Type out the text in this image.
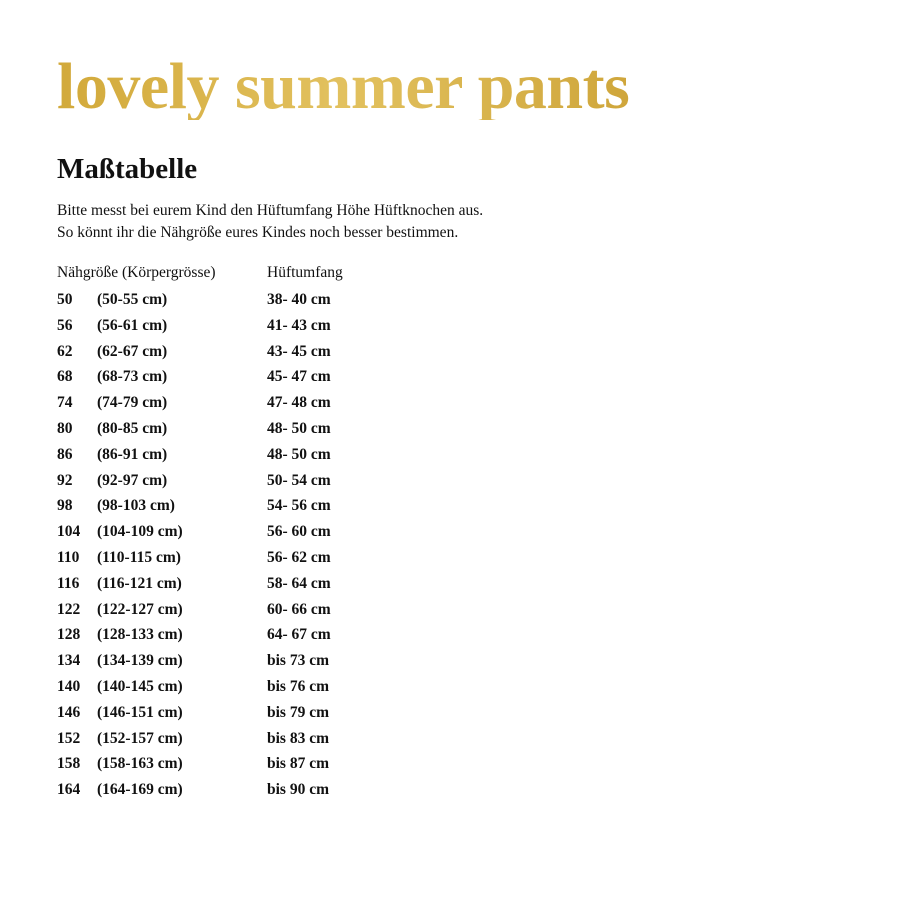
lovely summer pants
Maßtabelle
Bitte messt bei eurem Kind den Hüftumfang Höhe Hüftknochen aus.
So könnt ihr die Nähgröße eures Kindes noch besser bestimmen.
Nähgröße (Körpergrösse)	Hüftumfang
50 (50-55 cm)	38- 40 cm
56 (56-61 cm)	41- 43 cm
62 (62-67 cm)	43- 45 cm
68 (68-73 cm)	45- 47 cm
74 (74-79 cm)	47- 48 cm
80 (80-85 cm)	48- 50 cm
86 (86-91 cm)	48- 50 cm
92 (92-97 cm)	50- 54 cm
98 (98-103 cm)	54- 56 cm
104 (104-109 cm)	56- 60 cm
110 (110-115 cm)	56- 62 cm
116 (116-121 cm)	58- 64 cm
122 (122-127 cm)	60- 66 cm
128 (128-133 cm)	64- 67 cm
134 (134-139 cm)	bis 73 cm
140 (140-145 cm)	bis 76 cm
146 (146-151 cm)	bis 79 cm
152 (152-157 cm)	bis 83 cm
158 (158-163 cm)	bis 87 cm
164 (164-169 cm)	bis 90 cm
